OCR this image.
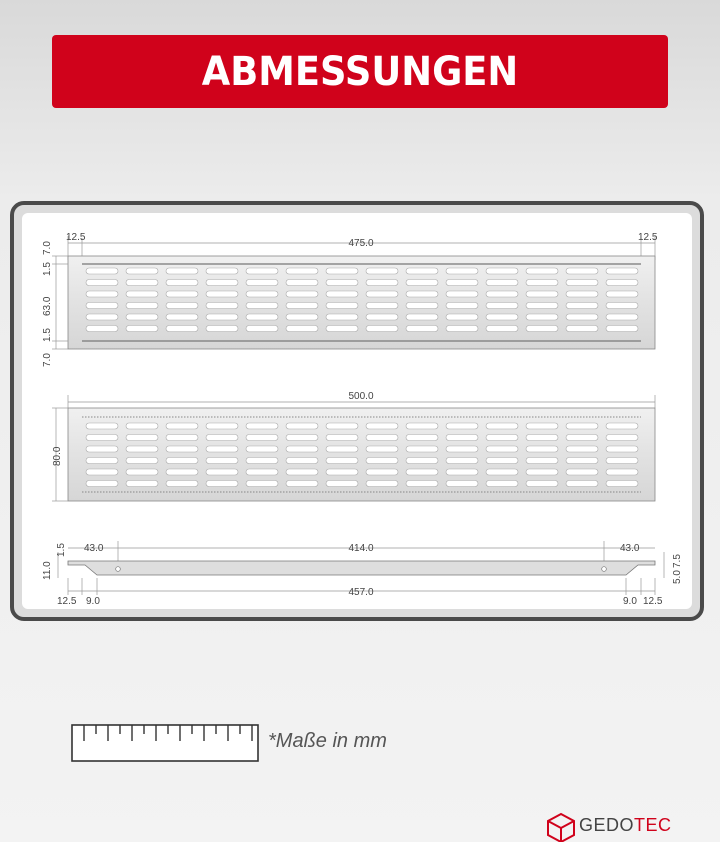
ABMESSUNGEN
12.5
475.0
12.5
7.0
1.5
63.0
1.5
7.0
500.0
80.0
43.0	414.0	43.0
1.5
11.0
7.5
5.0
12.5 9.0
457.0
9.0 12.5
*Maße in mm
GEDOTEC
